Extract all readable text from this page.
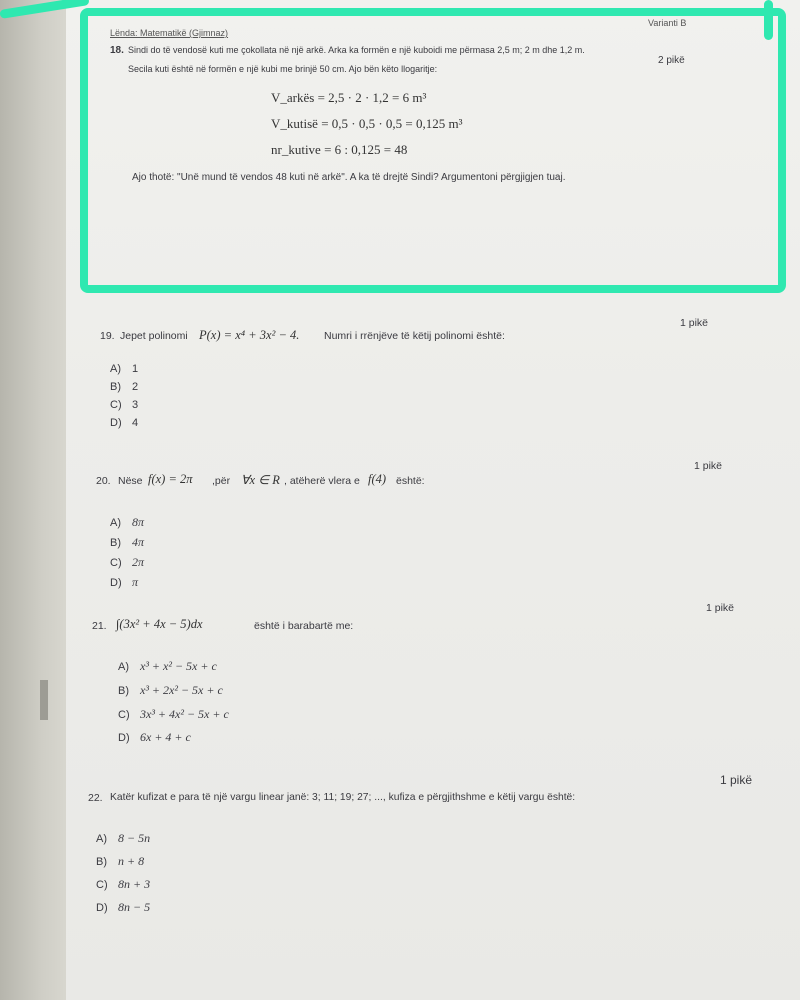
Lënda: Matematikë (Gjimnaz)
Varianti B
18. Sindi do të vendosë kuti me çokollata në një arkë. Arka ka formën e një kuboidi me përmasa 2,5 m; 2 m dhe 1,2 m.
Secila kuti është në formën e një kubi me brinjë 50 cm. Ajo bën këto llogaritje:
2 pikë
V_arkës = 2,5 · 2 · 1,2 = 6 m³
V_kutisë = 0,5 · 0,5 · 0,5 = 0,125 m³
nr_kutive = 6 : 0,125 = 48
Ajo thotë: "Unë mund të vendos 48 kuti në arkë". A ka të drejtë Sindi? Argumentoni përgjigjen tuaj.
19. Jepet polinomi P(x) = x⁴ + 3x² − 4. Numri i rrënjëve të këtij polinomi është:
1 pikë
A) 1
B) 2
C) 3
D) 4
20. Nëse f(x) = 2π ,për ∀x ∈ R , atëherë vlera e f(4) është:
1 pikë
A) 8π
B) 4π
C) 2π
D) π
21. ∫(3x² + 4x − 5)dx	është i barabartë me:
1 pikë
A) x³ + x² − 5x + c
B) x³ + 2x² − 5x + c
C) 3x³ + 4x² − 5x + c
D) 6x + 4 + c
22. Katër kufizat e para të një vargu linear janë: 3; 11; 19; 27; ..., kufiza e përgjithshme e këtij vargu është:
1 pikë
A) 8 − 5n
B) n + 8
C) 8n + 3
D) 8n − 5
